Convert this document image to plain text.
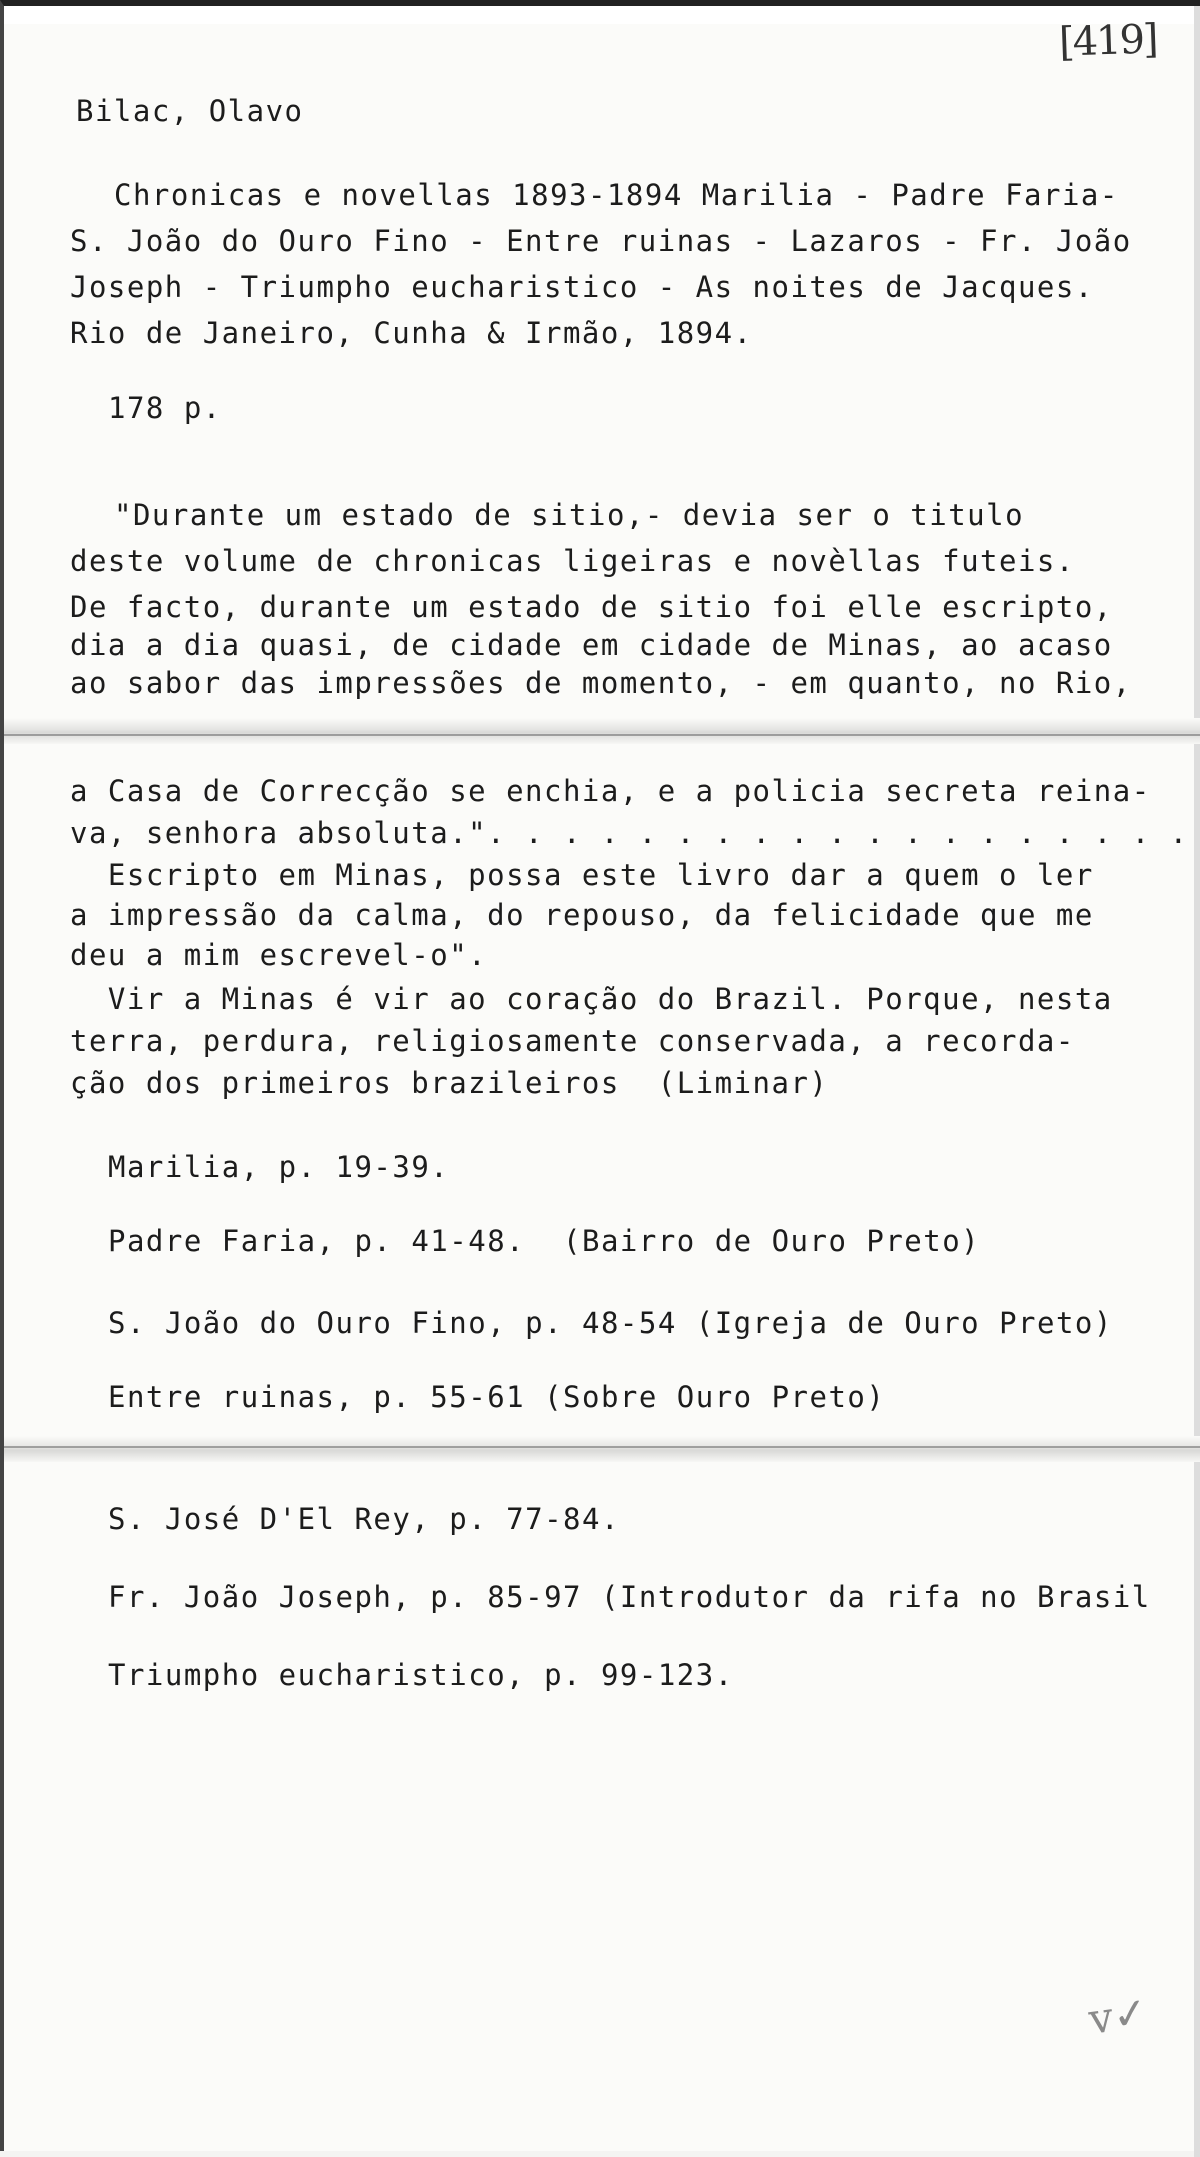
[419]
Bilac, Olavo
Chronicas e novellas 1893-1894 Marilia - Padre Faria-
S. João do Ouro Fino - Entre ruinas - Lazaros - Fr. João
Joseph - Triumpho eucharistico - As noites de Jacques.
Rio de Janeiro, Cunha & Irmão, 1894.
178 p.
"Durante um estado de sitio,- devia ser o titulo
deste volume de chronicas ligeiras e novèllas futeis.
De facto, durante um estado de sitio foi elle escripto,
dia a dia quasi, de cidade em cidade de Minas, ao acaso
ao sabor das impressões de momento, - em quanto, no Rio,
a Casa de Correcção se enchia, e a policia secreta reina-
va, senhora absoluta.". . . . . . . . . . . . . . . . . . .
Escripto em Minas, possa este livro dar a quem o ler
a impressão da calma, do repouso, da felicidade que me
deu a mim escrevel-o".
Vir a Minas é vir ao coração do Brazil. Porque, nesta
terra, perdura, religiosamente conservada, a recorda-
ção dos primeiros brazileiros  (Liminar)
Marilia, p. 19-39.
Padre Faria, p. 41-48.  (Bairro de Ouro Preto)
S. João do Ouro Fino, p. 48-54 (Igreja de Ouro Preto)
Entre ruinas, p. 55-61 (Sobre Ouro Preto)
S. José D'El Rey, p. 77-84.
Fr. João Joseph, p. 85-97 (Introdutor da rifa no Brasil
Triumpho eucharistico, p. 99-123.
v✓
